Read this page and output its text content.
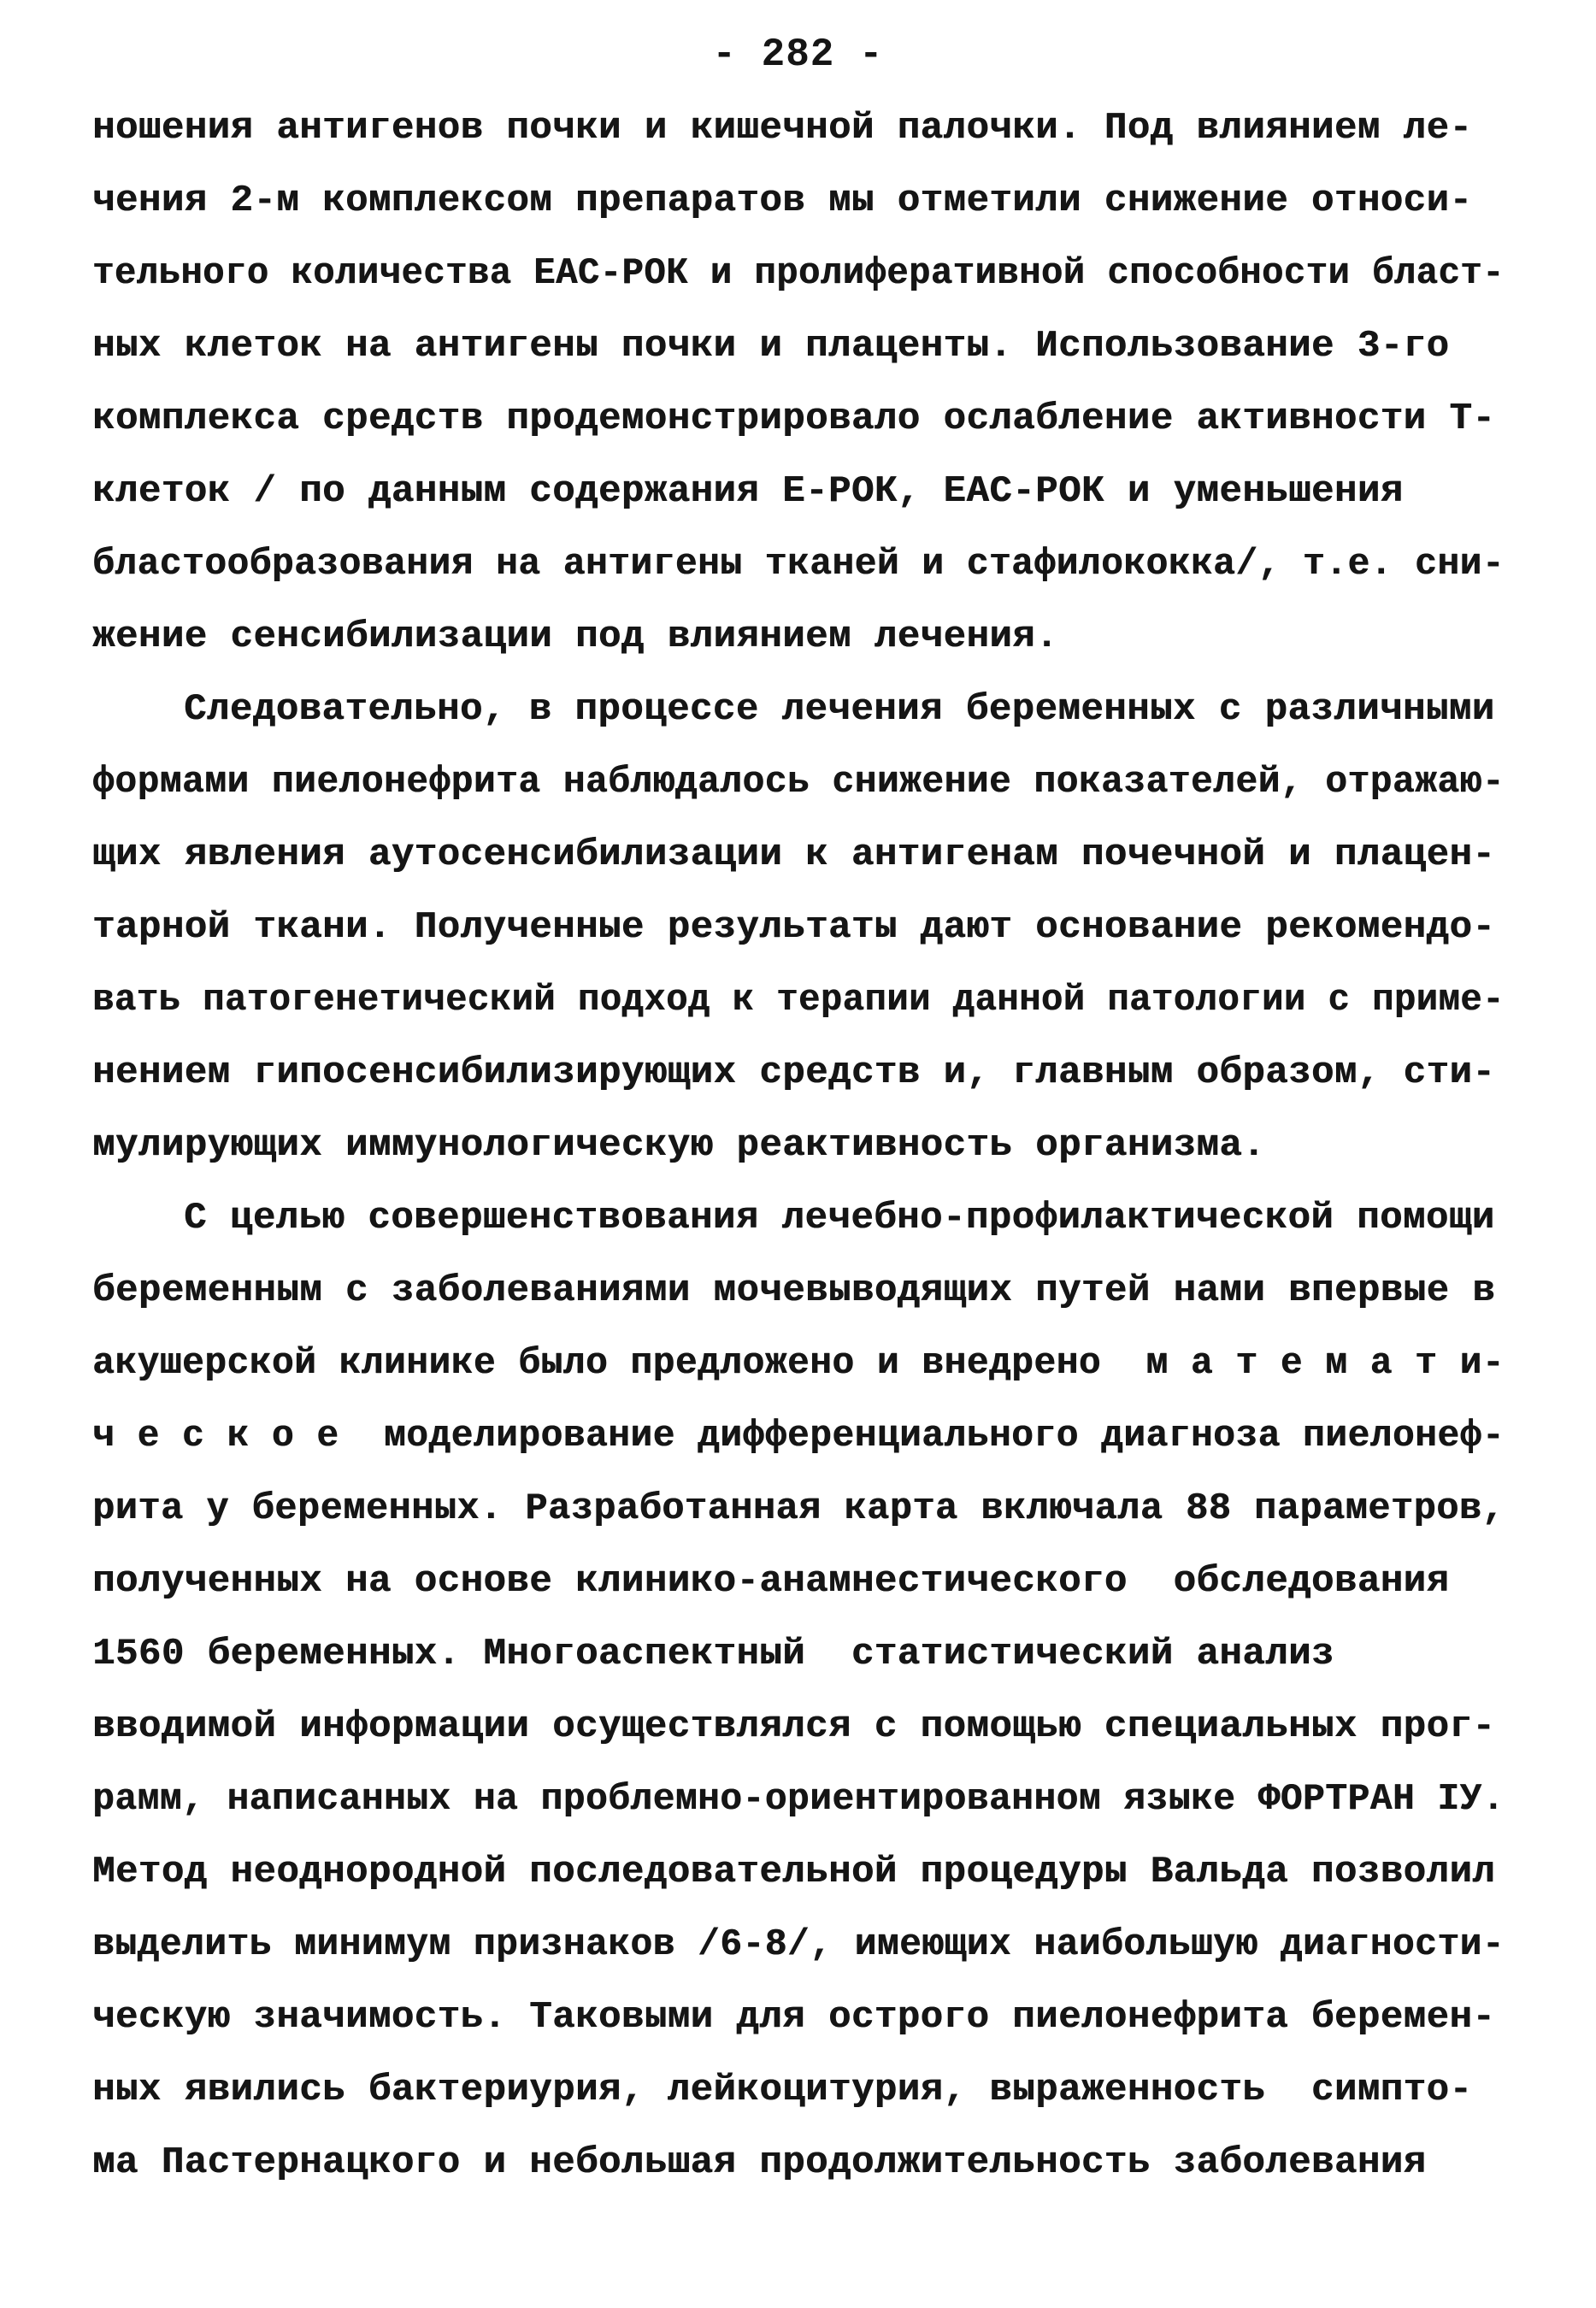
- 282 -
ношения антигенов почки и кишечной палочки. Под влиянием ле-
чения 2-м комплексом препаратов мы отметили снижение относи-
тельного количества ЕАС-РОК и пролиферативной способности бласт-
ных клеток на антигены почки и плаценты. Использование 3-го
комплекса средств продемонстрировало ослабление активности Т-
клеток / по данным содержания Е-РОК, ЕАС-РОК и уменьшения
бластообразования на антигены тканей и стафилококка/, т.е. сни-
жение сенсибилизации под влиянием лечения.
Следовательно, в процессе лечения беременных с различными
формами пиелонефрита наблюдалось снижение показателей, отражаю-
щих явления аутосенсибилизации к антигенам почечной и плацен-
тарной ткани. Полученные результаты дают основание рекомендо-
вать патогенетический подход к терапии данной патологии с приме-
нением гипосенсибилизирующих средств и, главным образом, сти-
мулирующих иммунологическую реактивность организма.
С целью совершенствования лечебно-профилактической помощи
беременным с заболеваниями мочевыводящих путей нами впервые в
акушерской клинике было предложено и внедрено  м а т е м а т и-
ч е с к о е  моделирование дифференциального диагноза пиелонеф-
рита у беременных. Разработанная карта включала 88 параметров,
полученных на основе клинико-анамнестического  обследования
1560 беременных. Многоаспектный  статистический анализ
вводимой информации осуществлялся с помощью специальных прог-
рамм, написанных на проблемно-ориентированном языке ФОРТРАН IУ.
Метод неоднородной последовательной процедуры Вальда позволил
выделить минимум признаков /6-8/, имеющих наибольшую диагности-
ческую значимость. Таковыми для острого пиелонефрита беремен-
ных явились бактериурия, лейкоцитурия, выраженность  симпто-
ма Пастернацкого и небольшая продолжительность заболевания
